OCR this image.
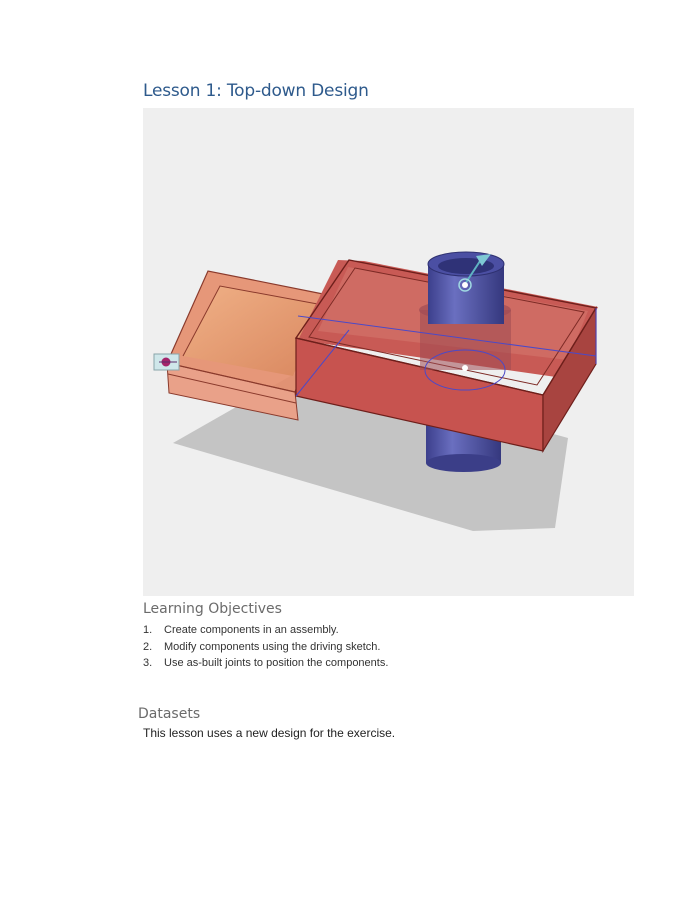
Lesson 1: Top-down Design
Learning Objectives
1. Create components in an assembly.
2. Modify components using the driving sketch.
3. Use as-built joints to position the components.
Datasets
This lesson uses a new design for the exercise.
